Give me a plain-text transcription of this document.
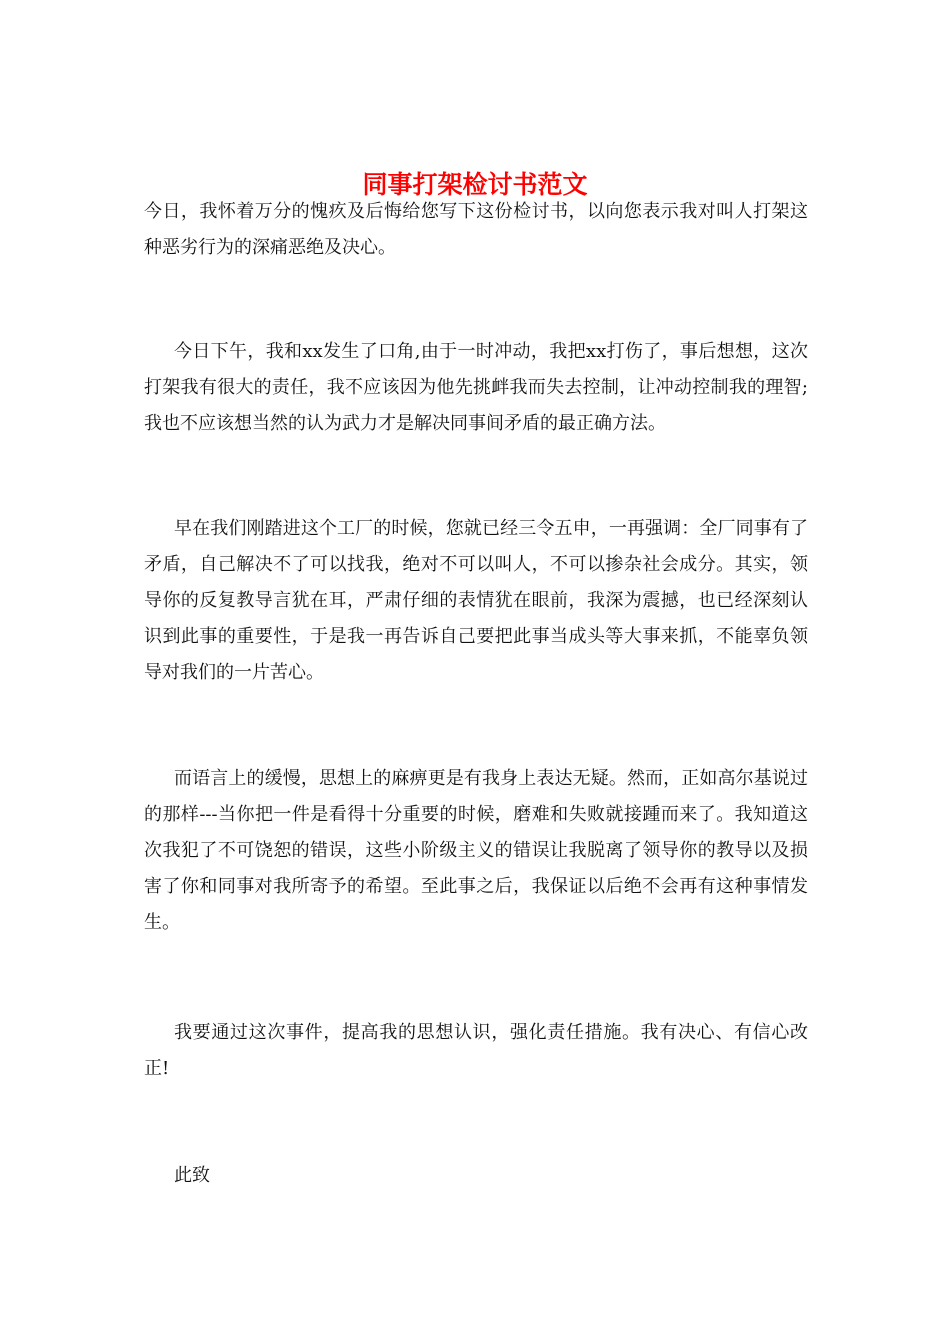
同事打架检讨书范文

今日，我怀着万分的愧疚及后悔给您写下这份检讨书，以向您表示我对叫人打架这种恶劣行为的深痛恶绝及决心。

今日下午，我和xx发生了口角,由于一时冲动，我把xx打伤了，事后想想，这次打架我有很大的责任，我不应该因为他先挑衅我而失去控制，让冲动控制我的理智;我也不应该想当然的认为武力才是解决同事间矛盾的最正确方法。

早在我们刚踏进这个工厂的时候，您就已经三令五申，一再强调：全厂同事有了矛盾，自己解决不了可以找我，绝对不可以叫人，不可以掺杂社会成分。其实，领导你的反复教导言犹在耳，严肃仔细的表情犹在眼前，我深为震撼，也已经深刻认识到此事的重要性，于是我一再告诉自己要把此事当成头等大事来抓，不能辜负领导对我们的一片苦心。

而语言上的缓慢，思想上的麻痹更是有我身上表达无疑。然而，正如高尔基说过的那样---当你把一件是看得十分重要的时候，磨难和失败就接踵而来了。我知道这次我犯了不可饶恕的错误，这些小阶级主义的错误让我脱离了领导你的教导以及损害了你和同事对我所寄予的希望。至此事之后，我保证以后绝不会再有这种事情发生。

我要通过这次事件，提高我的思想认识，强化责任措施。我有决心、有信心改正!

此致
